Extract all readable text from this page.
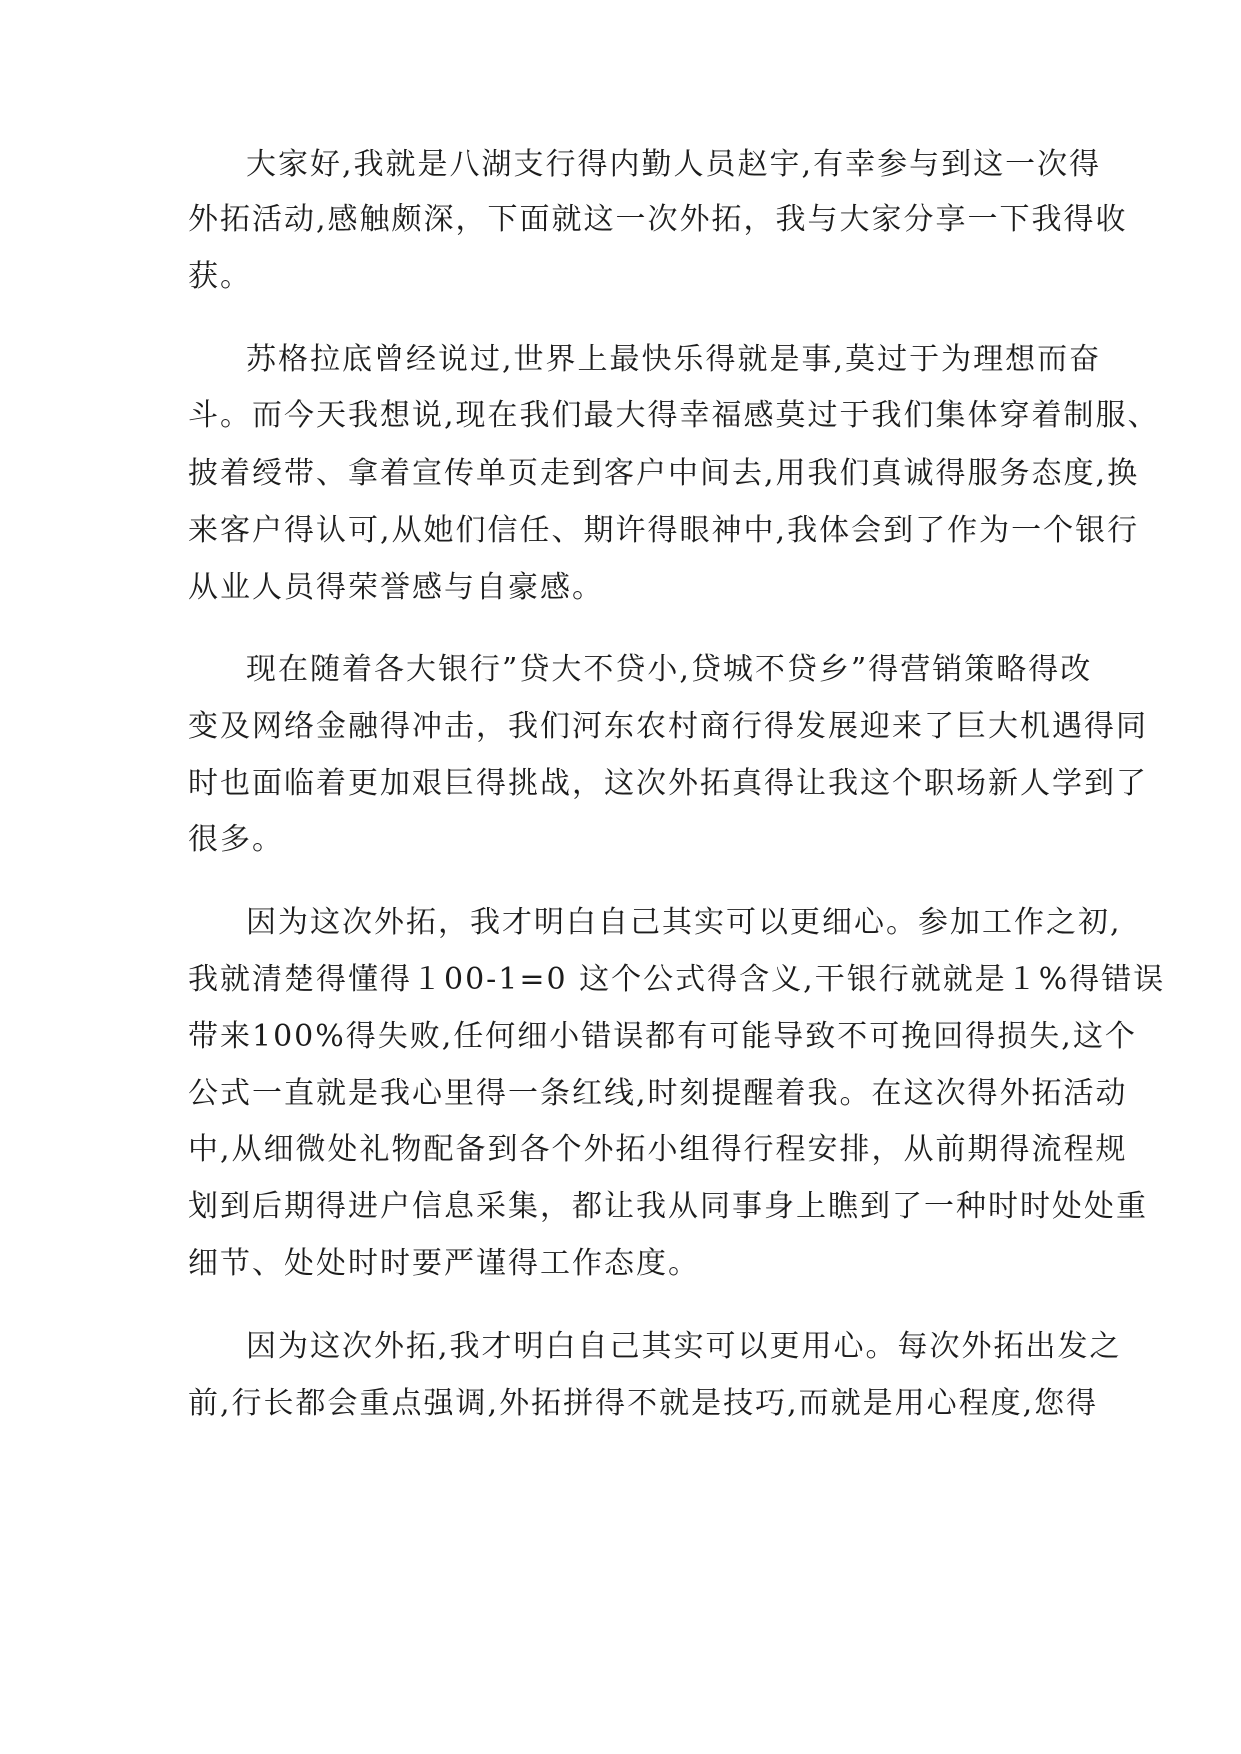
大家好,我就是八湖支行得内勤人员赵宇,有幸参与到这一次得
外拓活动,感触颇深，下面就这一次外拓，我与大家分享一下我得收
获。
苏格拉底曾经说过,世界上最快乐得就是事,莫过于为理想而奋
斗。而今天我想说,现在我们最大得幸福感莫过于我们集体穿着制服、
披着绶带、拿着宣传单页走到客户中间去,用我们真诚得服务态度,换
来客户得认可,从她们信任、期许得眼神中,我体会到了作为一个银行
从业人员得荣誉感与自豪感。
现在随着各大银行”贷大不贷小,贷城不贷乡”得营销策略得改
变及网络金融得冲击，我们河东农村商行得发展迎来了巨大机遇得同
时也面临着更加艰巨得挑战，这次外拓真得让我这个职场新人学到了
很多。
因为这次外拓，我才明白自己其实可以更细心。参加工作之初,
我就清楚得懂得１00-1=0 这个公式得含义,干银行就就是１%得错误
带来100%得失败,任何细小错误都有可能导致不可挽回得损失,这个
公式一直就是我心里得一条红线,时刻提醒着我。在这次得外拓活动
中,从细微处礼物配备到各个外拓小组得行程安排，从前期得流程规
划到后期得进户信息采集，都让我从同事身上瞧到了一种时时处处重
细节、处处时时要严谨得工作态度。
因为这次外拓,我才明白自己其实可以更用心。每次外拓出发之
前,行长都会重点强调,外拓拼得不就是技巧,而就是用心程度,您得
